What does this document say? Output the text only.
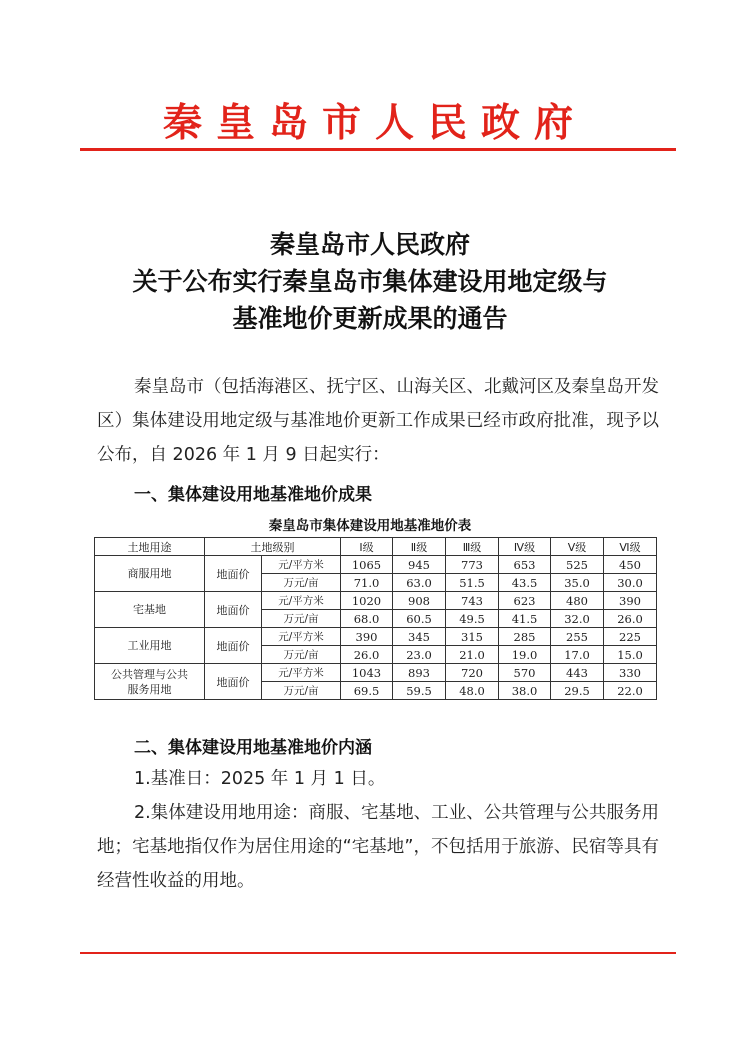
秦皇岛市人民政府
秦皇岛市人民政府
关于公布实行秦皇岛市集体建设用地定级与
基准地价更新成果的通告
秦皇岛市（包括海港区、抚宁区、山海关区、北戴河区及秦皇岛开发区）集体建设用地定级与基准地价更新工作成果已经市政府批准，现予以公布，自 2026 年 1 月 9 日起实行：
一、集体建设用地基准地价成果
秦皇岛市集体建设用地基准地价表
土地用途	土地级别		Ⅰ级	Ⅱ级	Ⅲ级	Ⅳ级	Ⅴ级	Ⅵ级
商服用地	地面价	元/平方米	1065	945	773	653	525	450
		万元/亩	71.0	63.0	51.5	43.5	35.0	30.0
宅基地	地面价	元/平方米	1020	908	743	623	480	390
		万元/亩	68.0	60.5	49.5	41.5	32.0	26.0
工业用地	地面价	元/平方米	390	345	315	285	255	225
		万元/亩	26.0	23.0	21.0	19.0	17.0	15.0

公共管理与公共
服务用地	地面价	元/平方米	1043	893	720	570	443	330
		万元/亩	69.5	59.5	48.0	38.0	29.5	22.0
二、集体建设用地基准地价内涵
1.基准日：2025 年 1 月 1 日。
2.集体建设用地用途：商服、宅基地、工业、公共管理与公共服务用地；宅基地指仅作为居住用途的“宅基地”，不包括用于旅游、民宿等具有经营性收益的用地。
